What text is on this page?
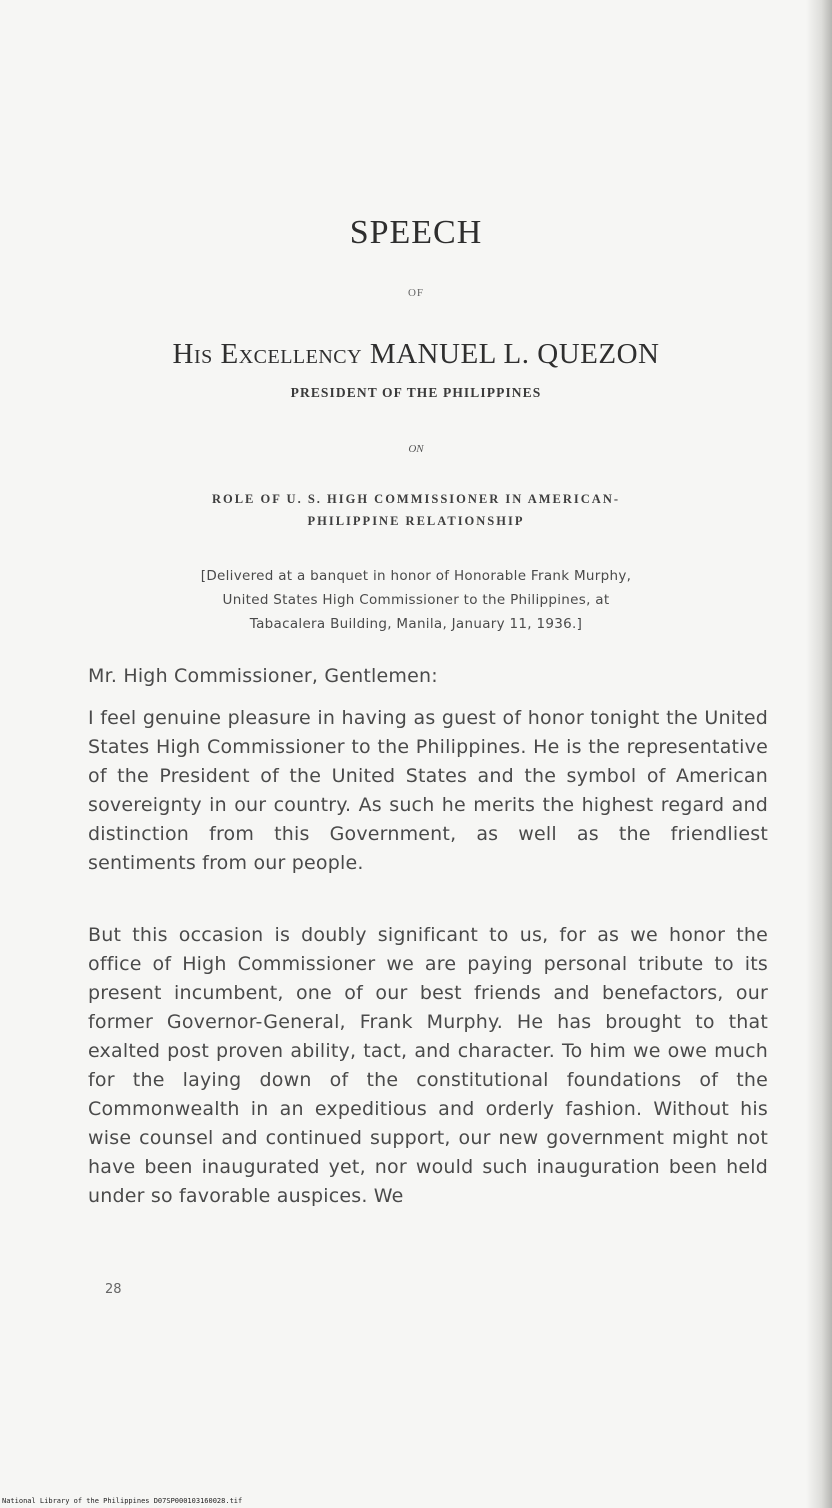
SPEECH
OF
His Excellency MANUEL L. QUEZON
PRESIDENT OF THE PHILIPPINES
ON
ROLE OF U. S. HIGH COMMISSIONER IN AMERICAN-
PHILIPPINE RELATIONSHIP
[Delivered at a banquet in honor of Honorable Frank Murphy,
United States High Commissioner to the Philippines, at
Tabacalera Building, Manila, January 11, 1936.]
Mr. High Commissioner, Gentlemen:
I feel genuine pleasure in having as guest of honor tonight the United States High Commissioner to the Philippines. He is the representative of the President of the United States and the symbol of American sovereignty in our country. As such he merits the highest regard and distinction from this Government, as well as the friendliest sentiments from our people.
But this occasion is doubly significant to us, for as we honor the office of High Commissioner we are paying personal tribute to its present incumbent, one of our best friends and benefactors, our former Governor-General, Frank Murphy. He has brought to that exalted post proven ability, tact, and character. To him we owe much for the laying down of the constitutional foundations of the Commonwealth in an expeditious and orderly fashion. Without his wise counsel and continued support, our new government might not have been inaugurated yet, nor would such inauguration been held under so favorable auspices. We
28
National Library of the Philippines D07SP000103160028.tif
